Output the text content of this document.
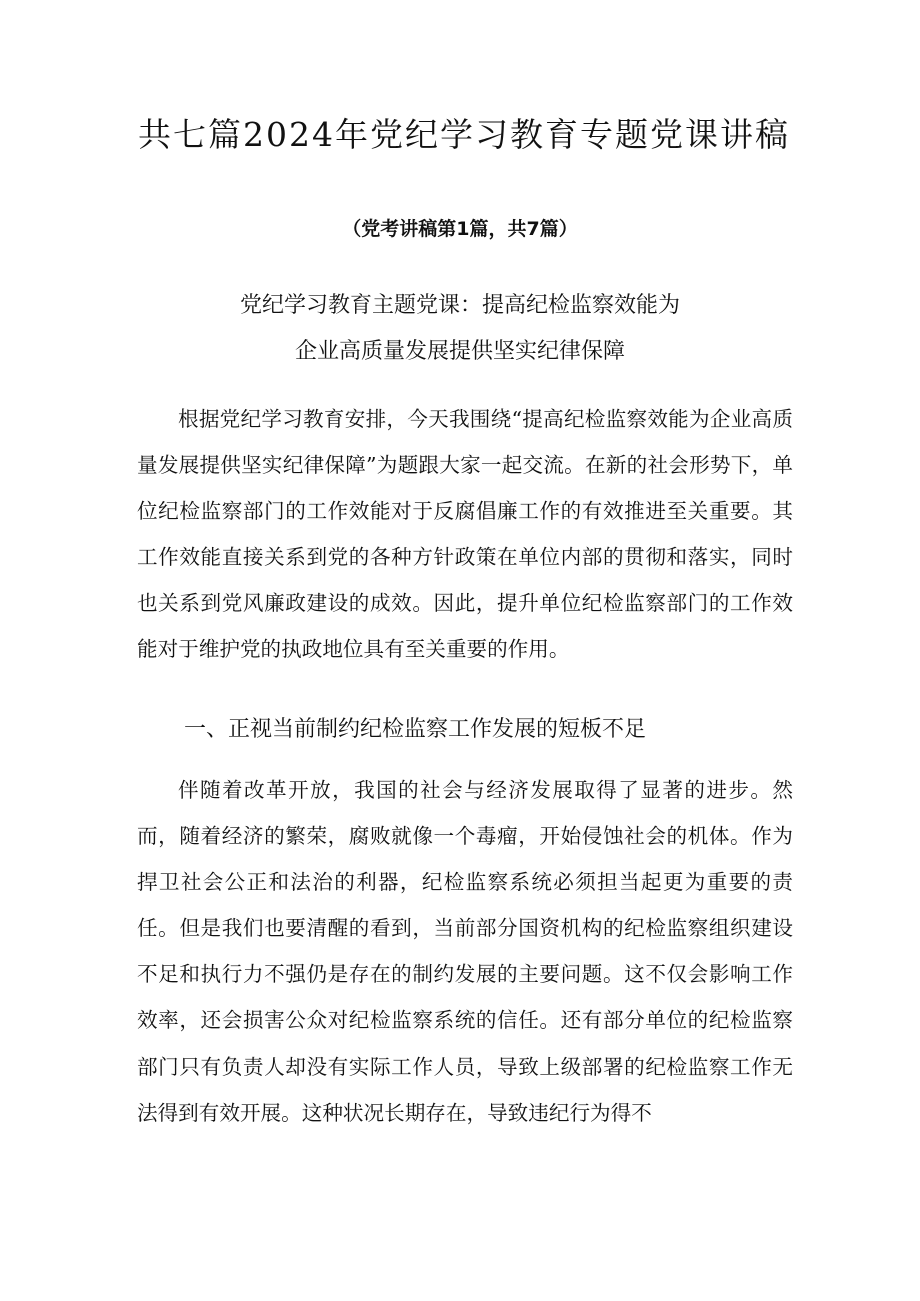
共七篇2024年党纪学习教育专题党课讲稿

（党考讲稿第1篇，共7篇）

党纪学习教育主题党课：提高纪检监察效能为
企业高质量发展提供坚实纪律保障

根据党纪学习教育安排，今天我围绕“提高纪检监察效能为企业高质量发展提供坚实纪律保障”为题跟大家一起交流。在新的社会形势下，单位纪检监察部门的工作效能对于反腐倡廉工作的有效推进至关重要。其工作效能直接关系到党的各种方针政策在单位内部的贯彻和落实，同时也关系到党风廉政建设的成效。因此，提升单位纪检监察部门的工作效能对于维护党的执政地位具有至关重要的作用。

一、正视当前制约纪检监察工作发展的短板不足

伴随着改革开放，我国的社会与经济发展取得了显著的进步。然而，随着经济的繁荣，腐败就像一个毒瘤，开始侵蚀社会的机体。作为捍卫社会公正和法治的利器，纪检监察系统必须担当起更为重要的责任。但是我们也要清醒的看到，当前部分国资机构的纪检监察组织建设不足和执行力不强仍是存在的制约发展的主要问题。这不仅会影响工作效率，还会损害公众对纪检监察系统的信任。还有部分单位的纪检监察部门只有负责人却没有实际工作人员，导致上级部署的纪检监察工作无法得到有效开展。这种状况长期存在，导致违纪行为得不
